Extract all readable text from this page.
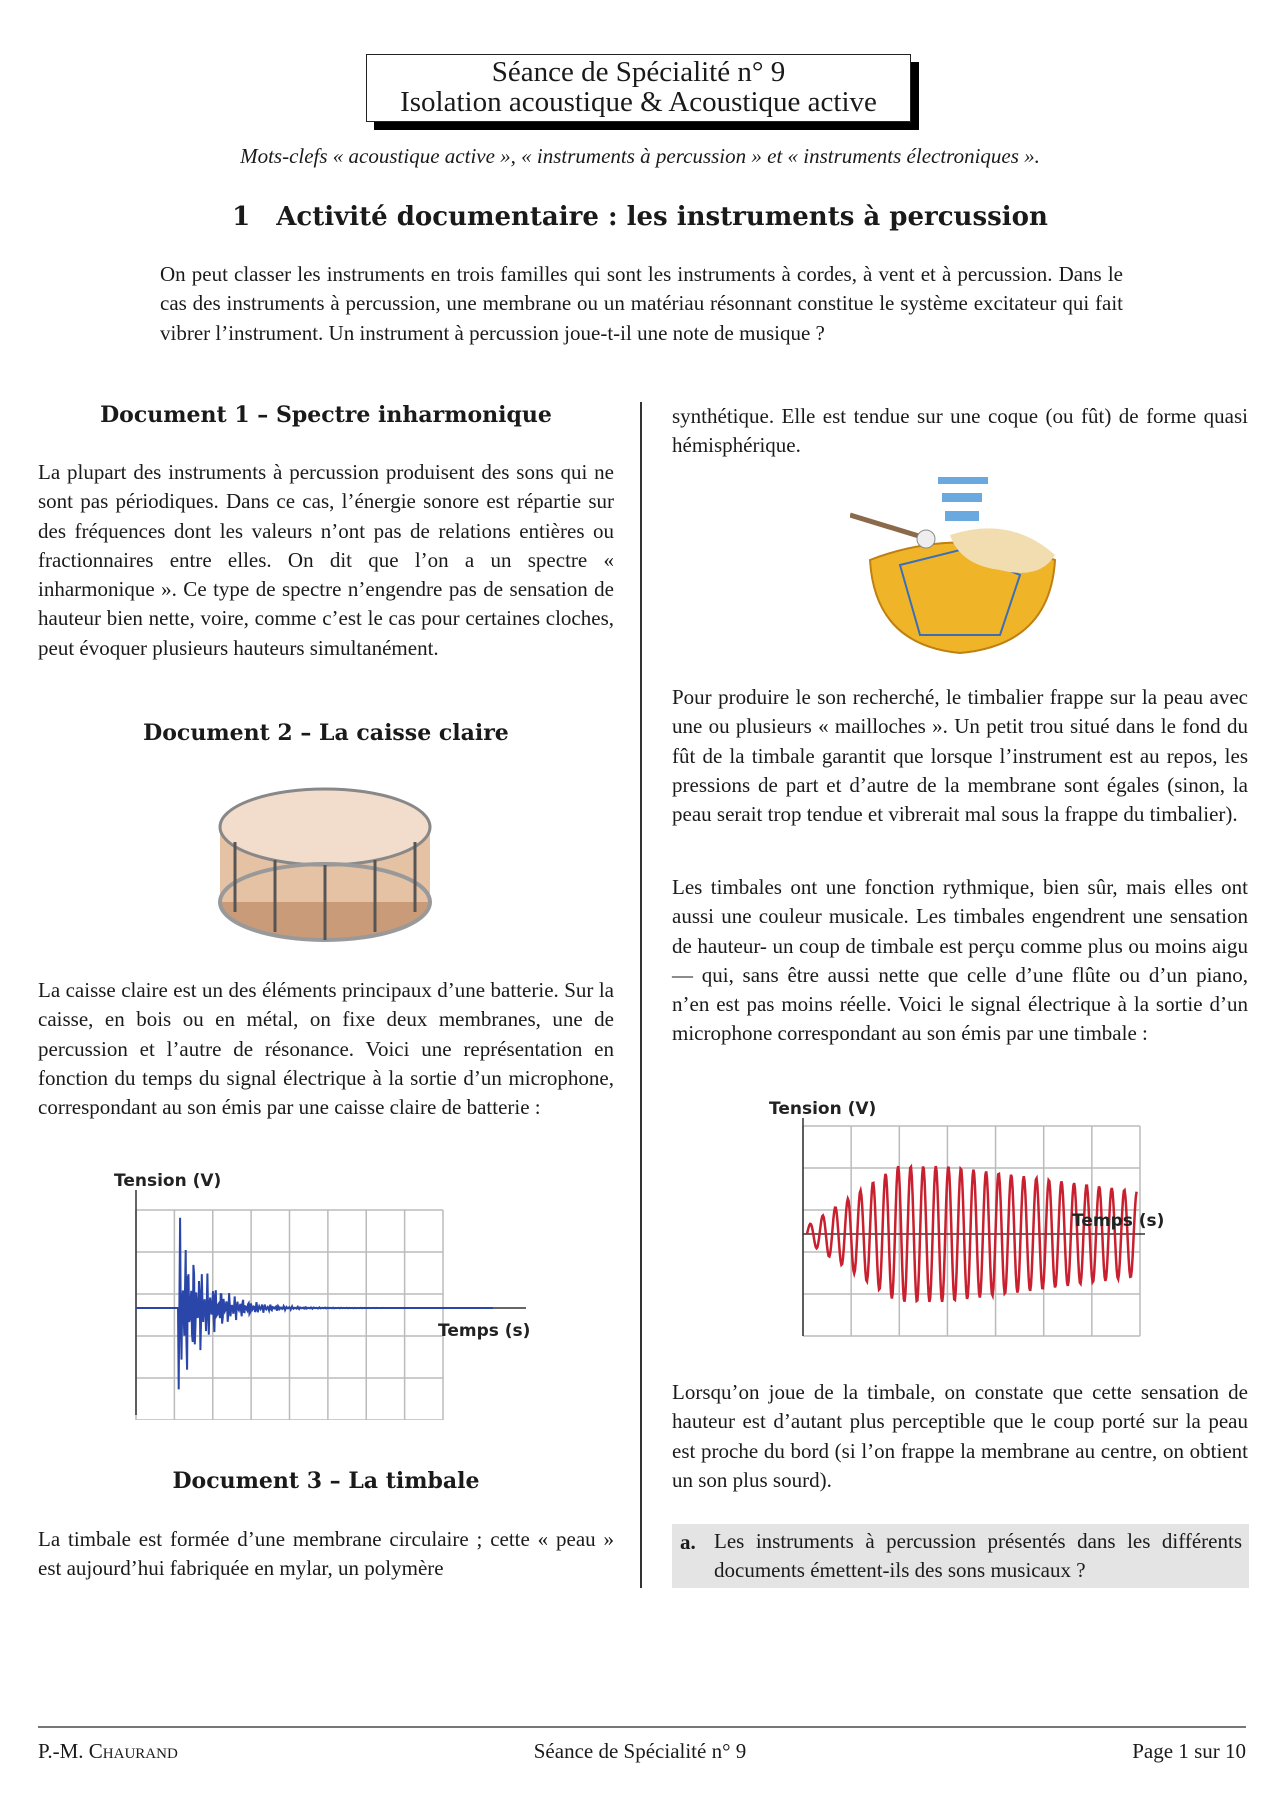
Séance de Spécialité n° 9
Isolation acoustique & Acoustique active
Mots-clefs « acoustique active », « instruments à percussion » et « instruments électroniques ».
1 Activité documentaire : les instruments à percussion

On peut classer les instruments en trois familles qui sont les instruments à cordes, à vent et à percussion. Dans le cas des instruments à percussion, une membrane ou un matériau résonnant constitue le système excitateur qui fait vibrer l’instrument. Un instrument à percussion joue-t-il une note de musique ?

Document 1 – Spectre inharmonique

La plupart des instruments à percussion produisent des sons qui ne sont pas périodiques. Dans ce cas, l’énergie sonore est répartie sur des fréquences dont les valeurs n’ont pas de relations entières ou fractionnaires entre elles. On dit que l’on a un spectre « inharmonique ». Ce type de spectre n’engendre pas de sensation de hauteur bien nette, voire, comme c’est le cas pour certaines cloches, peut évoquer plusieurs hauteurs simultanément.

Document 2 – La caisse claire

La caisse claire est un des éléments principaux d’une batterie. Sur la caisse, en bois ou en métal, on fixe deux membranes, une de percussion et l’autre de résonance. Voici une représentation en fonction du temps du signal électrique à la sortie d’un microphone, correspondant au son émis par une caisse claire de batterie :

Tension (V)
Temps (s)
Document 3 – La timbale

La timbale est formée d’une membrane circulaire ; cette « peau » est aujourd’hui fabriquée en mylar, un polymère

synthétique. Elle est tendue sur une coque (ou fût) de forme quasi hémisphérique.

Pour produire le son recherché, le timbalier frappe sur la peau avec une ou plusieurs « mailloches ». Un petit trou situé dans le fond du fût de la timbale garantit que lorsque l’instrument est au repos, les pressions de part et d’autre de la membrane sont égales (sinon, la peau serait trop tendue et vibrerait mal sous la frappe du timbalier).

Les timbales ont une fonction rythmique, bien sûr, mais elles ont aussi une couleur musicale. Les timbales engendrent une sensation de hauteur- un coup de timbale est perçu comme plus ou moins aigu — qui, sans être aussi nette que celle d’une flûte ou d’un piano, n’en est pas moins réelle. Voici le signal électrique à la sortie d’un microphone correspondant au son émis par une timbale :

Tension (V)
Temps (s)

Lorsqu’on joue de la timbale, on constate que cette sensation de hauteur est d’autant plus perceptible que le coup porté sur la peau est proche du bord (si l’on frappe la membrane au centre, on obtient un son plus sourd).

a. Les instruments à percussion présentés dans les différents documents émettent-ils des sons musicaux ?

P.-M. Chaurand	Séance de Spécialité n° 9	Page 1 sur 10
